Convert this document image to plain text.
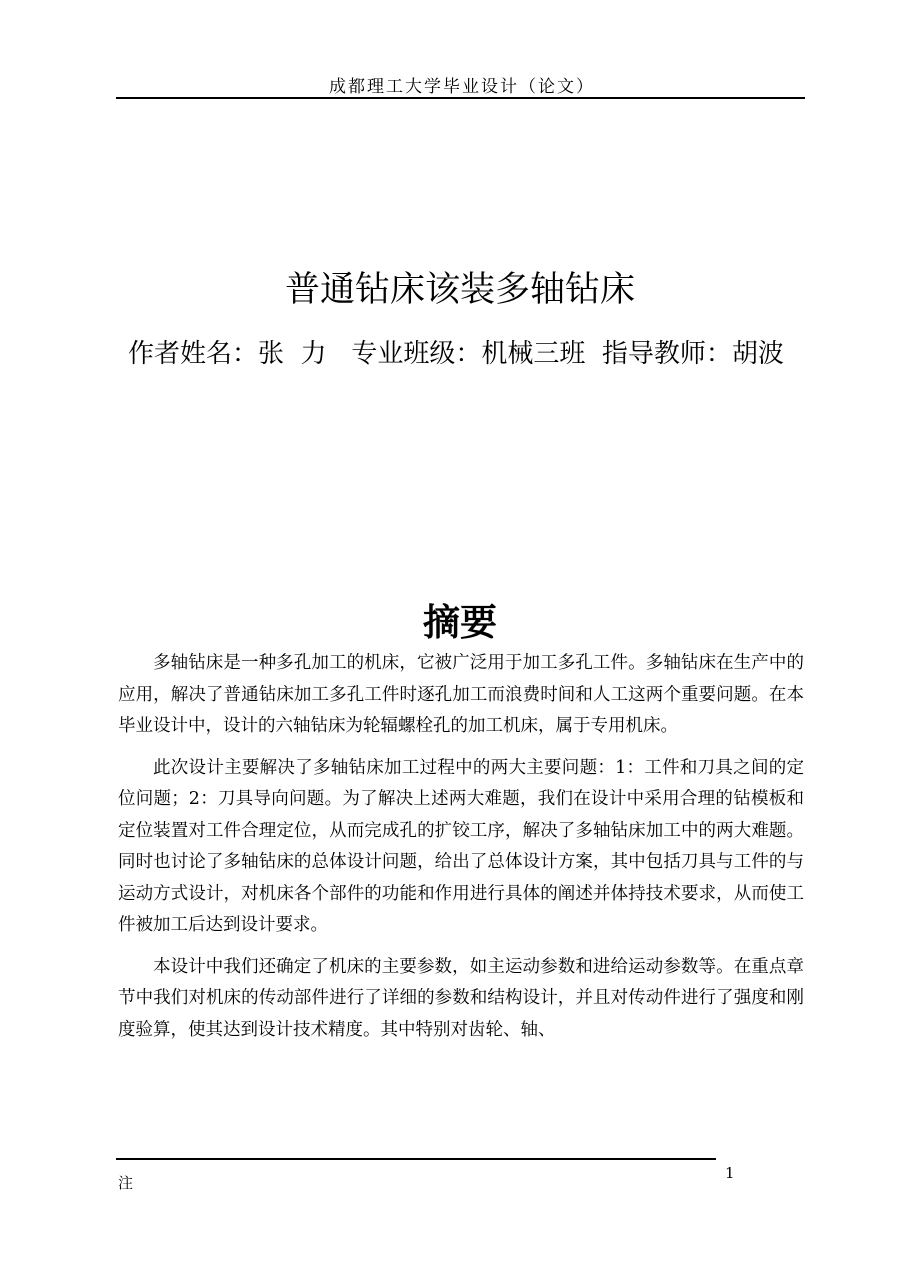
成都理工大学毕业设计（论文）
普通钻床该装多轴钻床
作者姓名：张  力   专业班级：机械三班  指导教师：胡波
摘要

多轴钻床是一种多孔加工的机床，它被广泛用于加工多孔工件。多轴钻床在生产中的应用，解决了普通钻床加工多孔工件时逐孔加工而浪费时间和人工这两个重要问题。在本毕业设计中，设计的六轴钻床为轮辐螺栓孔的加工机床，属于专用机床。

此次设计主要解决了多轴钻床加工过程中的两大主要问题：1：工件和刀具之间的定位问题；2：刀具导向问题。为了解决上述两大难题，我们在设计中采用合理的钻模板和定位装置对工件合理定位，从而完成孔的扩铰工序，解决了多轴钻床加工中的两大难题。同时也讨论了多轴钻床的总体设计问题，给出了总体设计方案，其中包括刀具与工件的与运动方式设计，对机床各个部件的功能和作用进行具体的阐述并体持技术要求，从而使工件被加工后达到设计要求。

本设计中我们还确定了机床的主要参数，如主运动参数和进给运动参数等。在重点章节中我们对机床的传动部件进行了详细的参数和结构设计，并且对传动件进行了强度和刚度验算，使其达到设计技术精度。其中特别对齿轮、轴、

注
1
